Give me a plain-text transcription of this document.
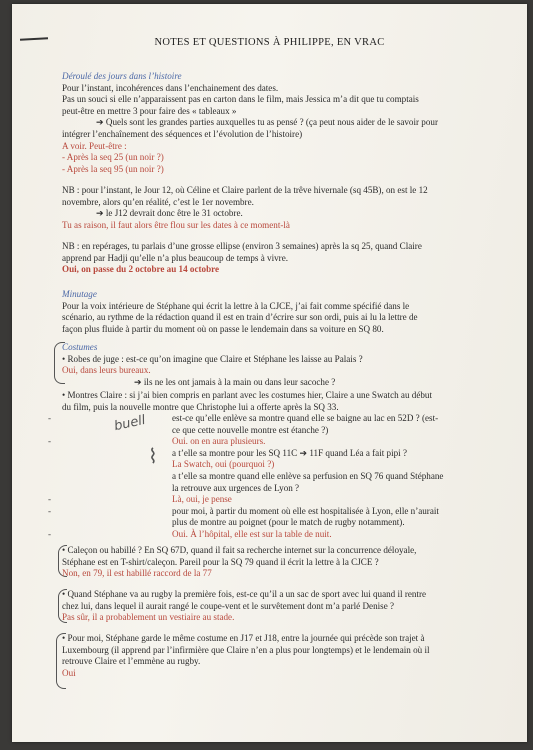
NOTES ET QUESTIONS À PHILIPPE, EN VRAC

Déroulé des jours dans l’histoire

Pour l’instant, incohérences dans l’enchainement des dates.

Pas un souci si elle n’apparaissent pas en carton dans le film, mais Jessica m’a dit que tu comptais

peut-être en mettre 3 pour faire des « tableaux »

➔ Quels sont les grandes parties auxquelles tu as pensé ? (ça peut nous aider de le savoir pour

intégrer l’enchaînement des séquences et l’évolution de l’histoire)

A voir. Peut-être :

- Après la seq 25 (un noir ?)

- Après la seq 95 (un noir ?)

NB : pour l’instant, le Jour 12, où Céline et Claire parlent de la trêve hivernale (sq 45B), on est le 12

novembre, alors qu’en réalité, c’est le 1er novembre.

➔ le J12 devrait donc être le 31 octobre.

Tu as raison, il faut alors être flou sur les dates à ce moment-là

NB : en repérages, tu parlais d’une grosse ellipse (environ 3 semaines) après la sq 25, quand Claire

apprend par Hadji qu’elle n’a plus beaucoup de temps à vivre.

Oui, on passe du 2 octobre au 14 octobre

Minutage

Pour la voix intérieure de Stéphane qui écrit la lettre à la CJCE, j’ai fait comme spécifié dans le

scénario, au rythme de la rédaction quand il est en train d’écrire sur son ordi, puis ai lu la lettre de

façon plus fluide à partir du moment où on passe le lendemain dans sa voiture en SQ 80.

Costumes

• Robes de juge : est-ce qu’on imagine que Claire et Stéphane les laisse au Palais ?

Oui, dans leurs bureaux.

➔ ils ne les ont jamais à la main ou dans leur sacoche ?

• Montres Claire : si j’ai bien compris en parlant avec les costumes hier, Claire a une Swatch au début

du film, puis la nouvelle montre que Christophe lui a offerte après la SQ 33.

buell
⌇

- est-ce qu’elle enlève sa montre quand elle se baigne au lac en 52D ? (est-

ce que cette nouvelle montre est étanche ?)

- Oui. on en aura plusieurs.

a t’elle sa montre pour les SQ 11C ➔ 11F quand Léa a fait pipi ?

La Swatch, oui (pourquoi ?)

a t’elle sa montre quand elle enlève sa perfusion en SQ 76 quand Stéphane

la retrouve aux urgences de Lyon ?

- Là, oui, je pense

- pour moi, à partir du moment où elle est hospitalisée à Lyon, elle n’aurait

plus de montre au poignet (pour le match de rugby notamment).

- Oui. À l’hôpital, elle est sur la table de nuit.

• Caleçon ou habillé ? En SQ 67D, quand il fait sa recherche internet sur la concurrence déloyale,

Stéphane est en T-shirt/caleçon. Pareil pour la SQ 79 quand il écrit la lettre à la CJCE ?

Non, en 79, il est habillé raccord de la 77

• Quand Stéphane va au rugby la première fois, est-ce qu’il a un sac de sport avec lui quand il rentre

chez lui, dans lequel il aurait rangé le coupe-vent et le survêtement dont m’a parlé Denise ?

Pas sûr, il a probablement un vestiaire au stade.

• Pour moi, Stéphane garde le même costume en J17 et J18, entre la journée qui précède son trajet à

Luxembourg (il apprend par l’infirmière que Claire n’en a plus pour longtemps) et le lendemain où il

retrouve Claire et l’emmène au rugby.

Oui
